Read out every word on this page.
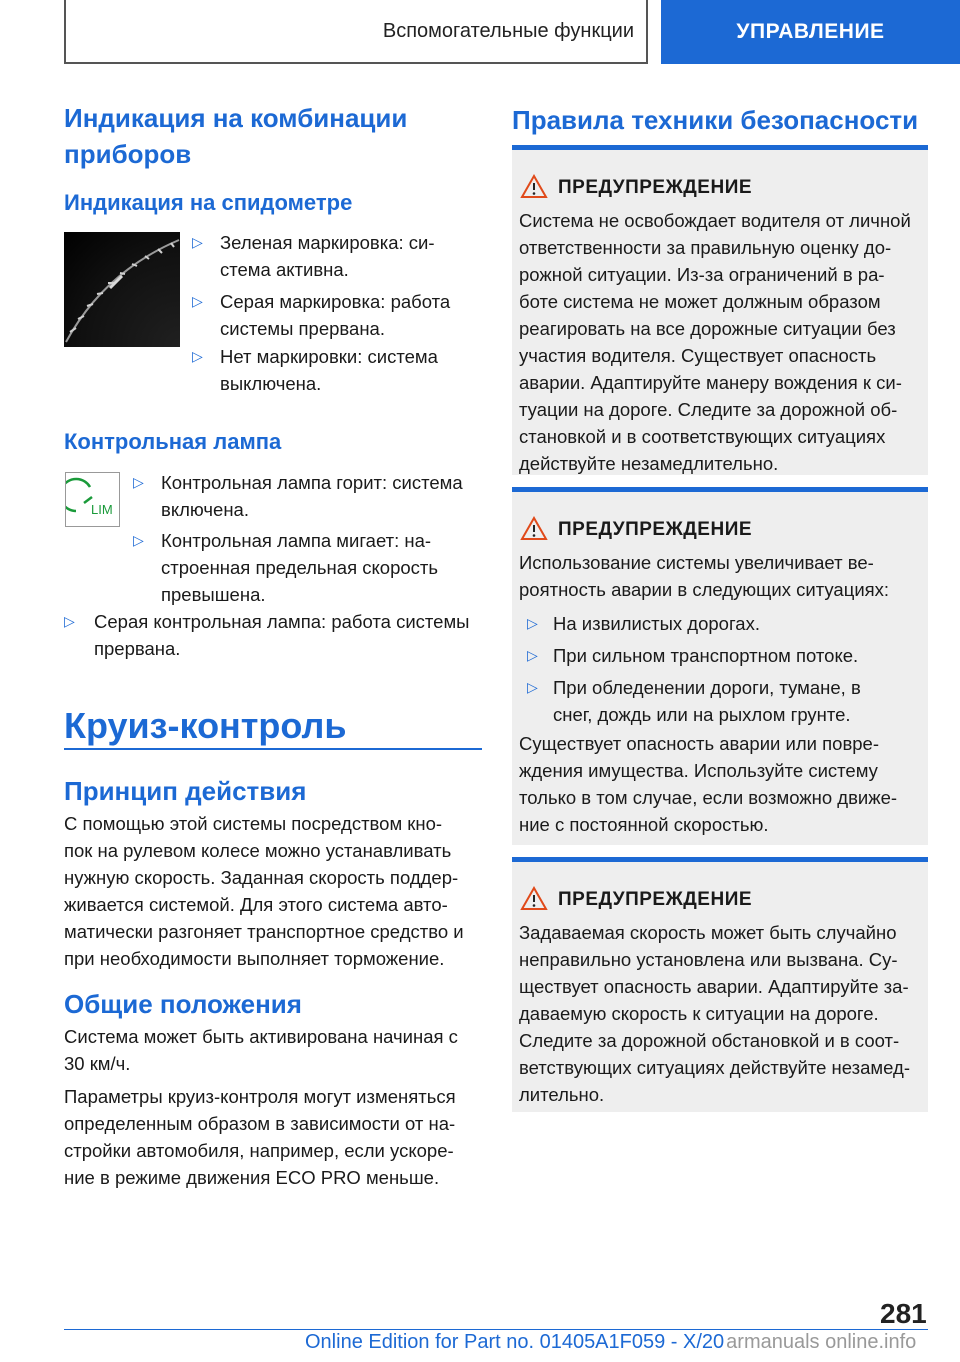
Вспомогательные функции	УПРАВЛЕНИЕ
Индикация на комбинации
приборов
Индикация на спидометре
▷ Зеленая маркировка: си-
стема активна.
▷ Серая маркировка: работа
системы прервана.
▷ Нет маркировки: система
выключена.
Контрольная лампа
LIM
▷ Контрольная лампа горит: система
включена.
▷ Контрольная лампа мигает: на-
строенная предельная скорость
превышена.
▷ Серая контрольная лампа: работа системы
прервана.
Круиз-контроль
Принцип действия
С помощью этой системы посредством кно-
пок на рулевом колесе можно устанавливать
нужную скорость. Заданная скорость поддер-
живается системой. Для этого система авто-
матически разгоняет транспортное средство и
при необходимости выполняет торможение.
Общие положения
Система может быть активирована начиная с
30 км/ч.
Параметры круиз-контроля могут изменяться
определенным образом в зависимости от на-
стройки автомобиля, например, если ускоре-
ние в режиме движения ECO PRO меньше.
Правила техники безопасности
ПРЕДУПРЕЖДЕНИЕ
Система не освобождает водителя от личной
ответственности за правильную оценку до-
рожной ситуации. Из-за ограничений в ра-
боте система не может должным образом
реагировать на все дорожные ситуации без
участия водителя. Существует опасность
аварии. Адаптируйте манеру вождения к си-
туации на дороге. Следите за дорожной об-
становкой и в соответствующих ситуациях
действуйте незамедлительно.
ПРЕДУПРЕЖДЕНИЕ
Использование системы увеличивает ве-
роятность аварии в следующих ситуациях:
▷ На извилистых дорогах.
▷ При сильном транспортном потоке.
▷ При обледенении дороги, тумане, в
снег, дождь или на рыхлом грунте.
Существует опасность аварии или повре-
ждения имущества. Используйте систему
только в том случае, если возможно движе-
ние с постоянной скоростью.
ПРЕДУПРЕЖДЕНИЕ
Задаваемая скорость может быть случайно
неправильно установлена или вызвана. Су-
ществует опасность аварии. Адаптируйте за-
даваемую скорость к ситуации на дороге.
Следите за дорожной обстановкой и в соот-
ветствующих ситуациях действуйте незамед-
лительно.
281
Online Edition for Part no. 01405A1F059 - X/20 armanuals online.info
